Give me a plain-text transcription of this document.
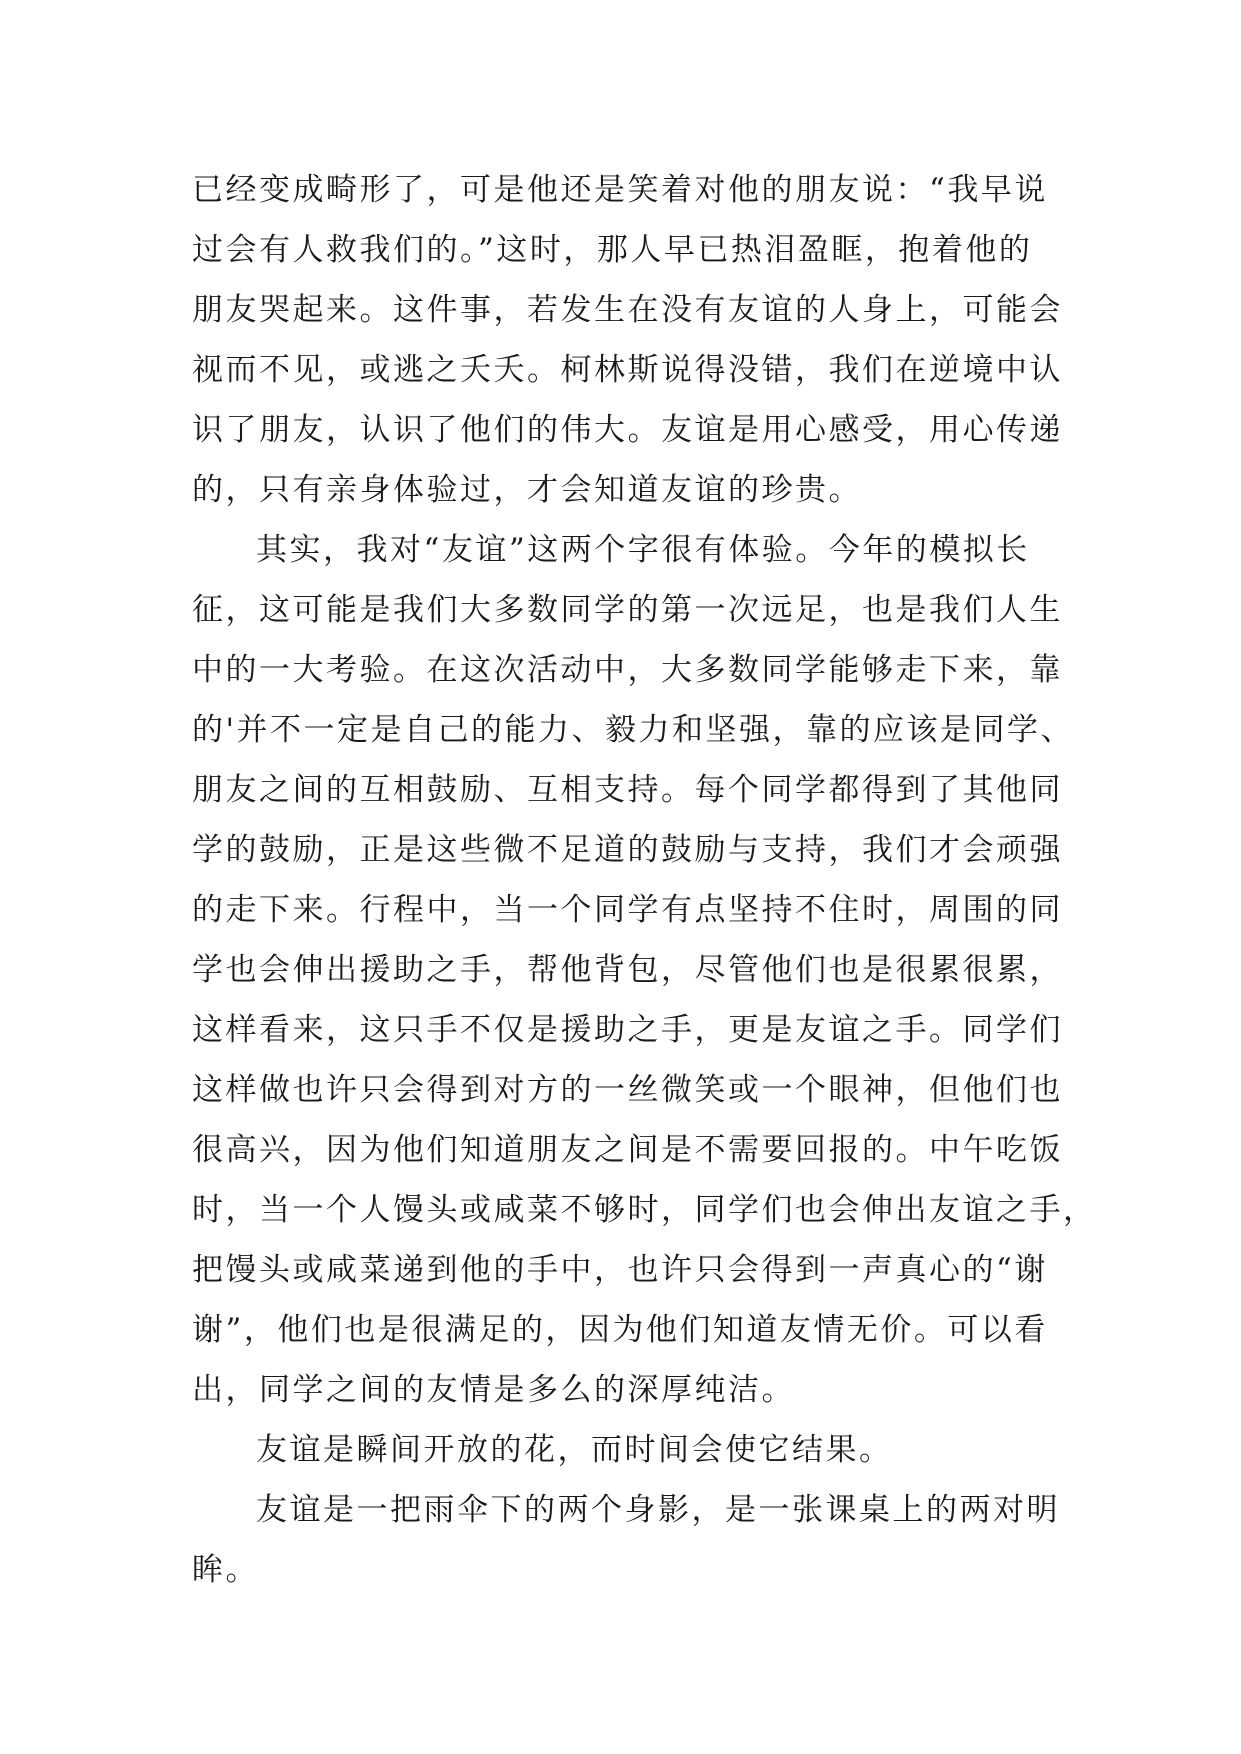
已经变成畸形了，可是他还是笑着对他的朋友说：“我早说
过会有人救我们的。”这时，那人早已热泪盈眶，抱着他的
朋友哭起来。这件事，若发生在没有友谊的人身上，可能会
视而不见，或逃之夭夭。柯林斯说得没错，我们在逆境中认
识了朋友，认识了他们的伟大。友谊是用心感受，用心传递
的，只有亲身体验过，才会知道友谊的珍贵。
其实，我对“友谊”这两个字很有体验。今年的模拟长
征，这可能是我们大多数同学的第一次远足，也是我们人生
中的一大考验。在这次活动中，大多数同学能够走下来，靠
的'并不一定是自己的能力、毅力和坚强，靠的应该是同学、
朋友之间的互相鼓励、互相支持。每个同学都得到了其他同
学的鼓励，正是这些微不足道的鼓励与支持，我们才会顽强
的走下来。行程中，当一个同学有点坚持不住时，周围的同
学也会伸出援助之手，帮他背包，尽管他们也是很累很累，
这样看来，这只手不仅是援助之手，更是友谊之手。同学们
这样做也许只会得到对方的一丝微笑或一个眼神，但他们也
很高兴，因为他们知道朋友之间是不需要回报的。中午吃饭
时，当一个人馒头或咸菜不够时，同学们也会伸出友谊之手，
把馒头或咸菜递到他的手中，也许只会得到一声真心的“谢
谢”，他们也是很满足的，因为他们知道友情无价。可以看
出，同学之间的友情是多么的深厚纯洁。
友谊是瞬间开放的花，而时间会使它结果。
友谊是一把雨伞下的两个身影，是一张课桌上的两对明
眸。
